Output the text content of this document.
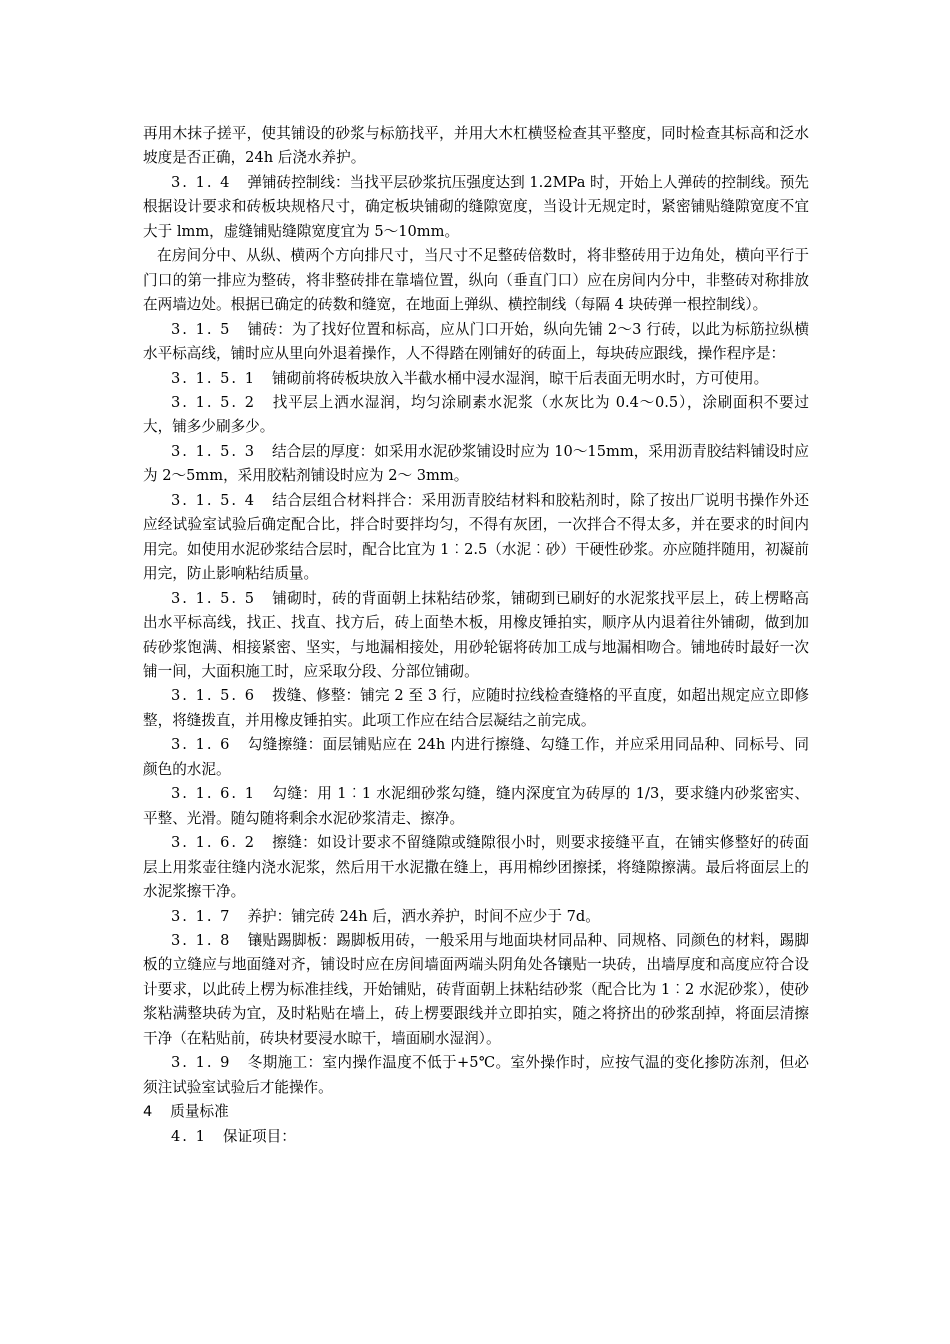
再用木抹子搓平，使其铺设的砂浆与标筋找平，并用大木杠横竖检查其平整度，同时检查其标高和泛水坡度是否正确，24h 后浇水养护。

3. 1. 4 弹铺砖控制线：当找平层砂浆抗压强度达到 1.2MPa 时，开始上人弹砖的控制线。预先根据设计要求和砖板块规格尺寸，确定板块铺砌的缝隙宽度，当设计无规定时，紧密铺贴缝隙宽度不宜大于 lmm，虚缝铺贴缝隙宽度宜为 5～10mm。

在房间分中、从纵、横两个方向排尺寸，当尺寸不足整砖倍数时，将非整砖用于边角处，横向平行于门口的第一排应为整砖，将非整砖排在靠墙位置，纵向（垂直门口）应在房间内分中，非整砖对称排放在两墙边处。根据已确定的砖数和缝宽，在地面上弹纵、横控制线（每隔 4 块砖弹一根控制线）。

3. 1. 5 铺砖：为了找好位置和标高，应从门口开始，纵向先铺 2～3 行砖，以此为标筋拉纵横水平标高线，铺时应从里向外退着操作，人不得踏在刚铺好的砖面上，每块砖应跟线，操作程序是：

3. 1. 5. 1 铺砌前将砖板块放入半截水桶中浸水湿润，晾干后表面无明水时，方可使用。

3. 1. 5. 2 找平层上洒水湿润，均匀涂刷素水泥浆（水灰比为 0.4～0.5），涂刷面积不要过大，铺多少刷多少。

3. 1. 5. 3 结合层的厚度：如采用水泥砂浆铺设时应为 10～15mm，采用沥青胶结料铺设时应为 2～5mm，采用胶粘剂铺设时应为 2～ 3mm。

3. 1. 5. 4 结合层组合材料拌合：采用沥青胶结材料和胶粘剂时，除了按出厂说明书操作外还应经试验室试验后确定配合比，拌合时要拌均匀，不得有灰团，一次拌合不得太多，并在要求的时间内用完。如使用水泥砂浆结合层时，配合比宜为 1︰2.5（水泥︰砂）干硬性砂浆。亦应随拌随用，初凝前用完，防止影响粘结质量。

3. 1. 5. 5 铺砌时，砖的背面朝上抹粘结砂浆，铺砌到已刷好的水泥浆找平层上，砖上楞略高出水平标高线，找正、找直、找方后，砖上面垫木板，用橡皮锤拍实，顺序从内退着往外铺砌，做到加砖砂浆饱满、相接紧密、坚实，与地漏相接处，用砂轮锯将砖加工成与地漏相吻合。铺地砖时最好一次铺一间，大面积施工时，应采取分段、分部位铺砌。

3. 1. 5. 6 拨缝、修整：铺完 2 至 3 行，应随时拉线检查缝格的平直度，如超出规定应立即修整，将缝拨直，并用橡皮锤拍实。此项工作应在结合层凝结之前完成。

3. 1. 6 勾缝擦缝：面层铺贴应在 24h 内进行擦缝、勾缝工作，并应采用同品种、同标号、同颜色的水泥。

3. 1. 6. 1 勾缝：用 1︰1 水泥细砂浆勾缝，缝内深度宜为砖厚的 1/3，要求缝内砂浆密实、平整、光滑。随勾随将剩余水泥砂浆清走、擦净。

3. 1. 6. 2 擦缝：如设计要求不留缝隙或缝隙很小时，则要求接缝平直，在铺实修整好的砖面层上用浆壶往缝内浇水泥浆，然后用干水泥撒在缝上，再用棉纱团擦揉，将缝隙擦满。最后将面层上的水泥浆擦干净。

3. 1. 7 养护：铺完砖 24h 后，洒水养护，时间不应少于 7d。

3. 1. 8 镶贴踢脚板：踢脚板用砖，一般采用与地面块材同品种、同规格、同颜色的材料，踢脚板的立缝应与地面缝对齐，铺设时应在房间墙面两端头阴角处各镶贴一块砖，出墙厚度和高度应符合设计要求，以此砖上楞为标准挂线，开始铺贴，砖背面朝上抹粘结砂浆（配合比为 1︰2 水泥砂浆），使砂浆粘满整块砖为宜，及时粘贴在墙上，砖上楞要跟线并立即拍实，随之将挤出的砂浆刮掉，将面层清擦干净（在粘贴前，砖块材要浸水晾干，墙面刷水湿润）。

3. 1. 9 冬期施工：室内操作温度不低于+5℃。室外操作时，应按气温的变化掺防冻剂，但必须注试验室试验后才能操作。

4 质量标准

4. 1 保证项目：
